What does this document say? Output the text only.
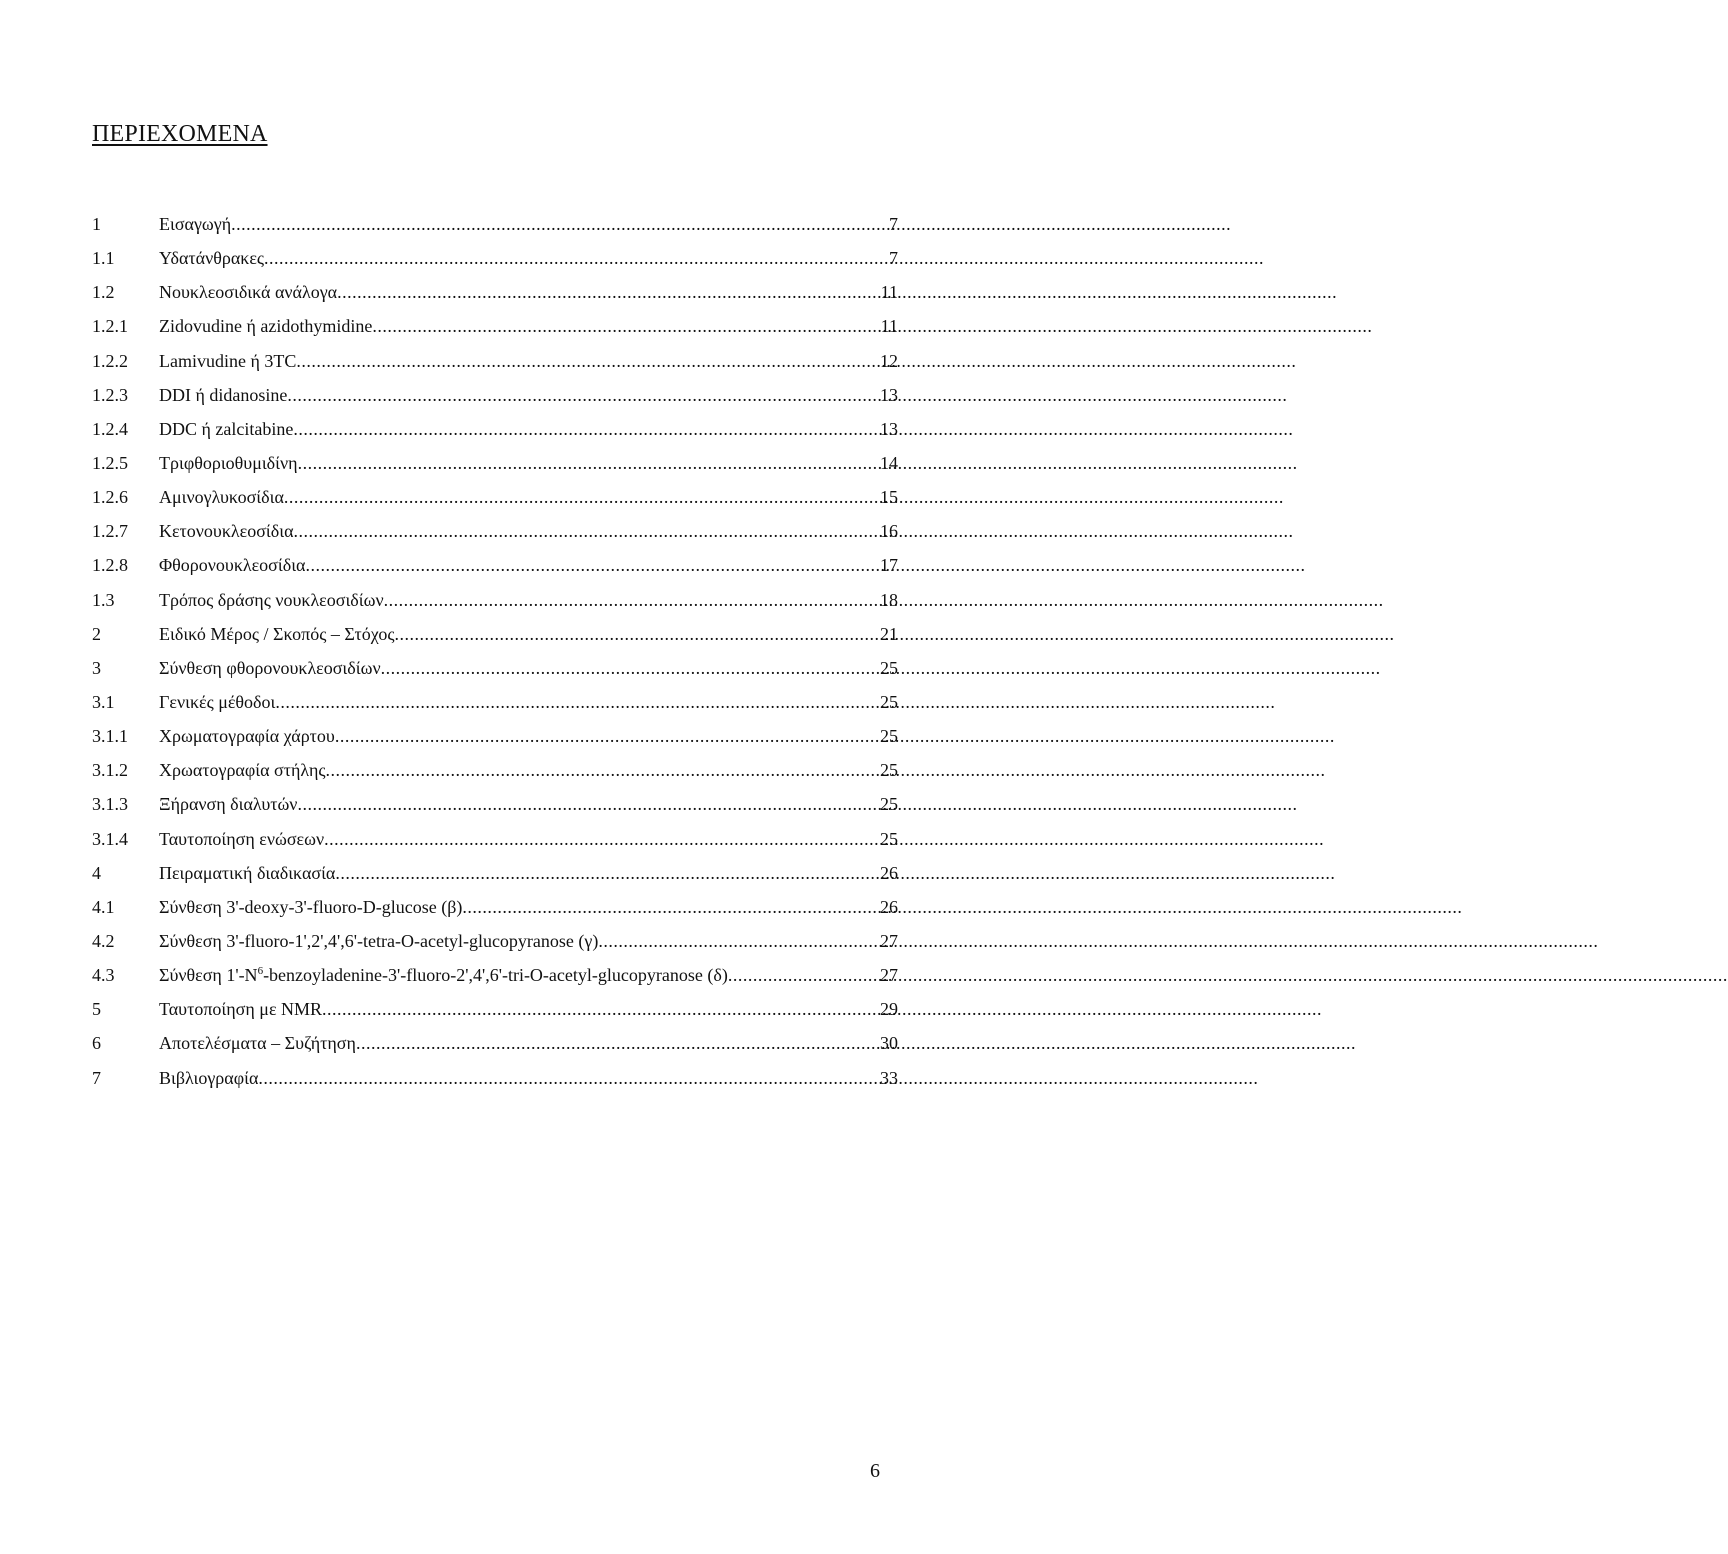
ΠΕΡΙΕΧΟΜΕΝΑ
1	Εισαγωγή .....	7
1.1	Υδατάνθρακες .....	7
1.2	Νουκλεοσιδικά ανάλογα .....	11
1.2.1	Zidovudine ή azidothymidine .....	11
1.2.2	Lamivudine ή 3TC .....	12
1.2.3	DDI ή didanosine .....	13
1.2.4	DDC ή zalcitabine .....	13
1.2.5	Τριφθοριοθυμιδίνη .....	14
1.2.6	Αμινογλυκοσίδια .....	15
1.2.7	Κετονουκλεοσίδια .....	16
1.2.8	Φθορονουκλεοσίδια .....	17
1.3	Τρόπος δράσης νουκλεοσιδίων .....	18
2	Ειδικό Μέρος / Σκοπός – Στόχος .....	21
3	Σύνθεση φθορονουκλεοσιδίων .....	25
3.1	Γενικές μέθοδοι .....	25
3.1.1	Χρωματογραφία χάρτου .....	25
3.1.2	Χρωατογραφία στήλης .....	25
3.1.3	Ξήρανση διαλυτών .....	25
3.1.4	Ταυτοποίηση ενώσεων .....	25
4	Πειραματική διαδικασία .....	26
4.1	Σύνθεση 3'-deoxy-3'-fluoro-D-glucose (β) .....	26
4.2	Σύνθεση 3'-fluoro-1',2',4',6'-tetra-O-acetyl-glucopyranose (γ) .....	27
4.3	Σύνθεση $1'-N^6-benzoyladenine-3'-fluoro-2',4',6'-tri-O-acetyl$-glucopyranose (δ) .....	27
5	Ταυτοποίηση με NMR .....	29
6	Αποτελέσματα – Συζήτηση .....	30
7	Βιβλιογραφία .....	33
6
